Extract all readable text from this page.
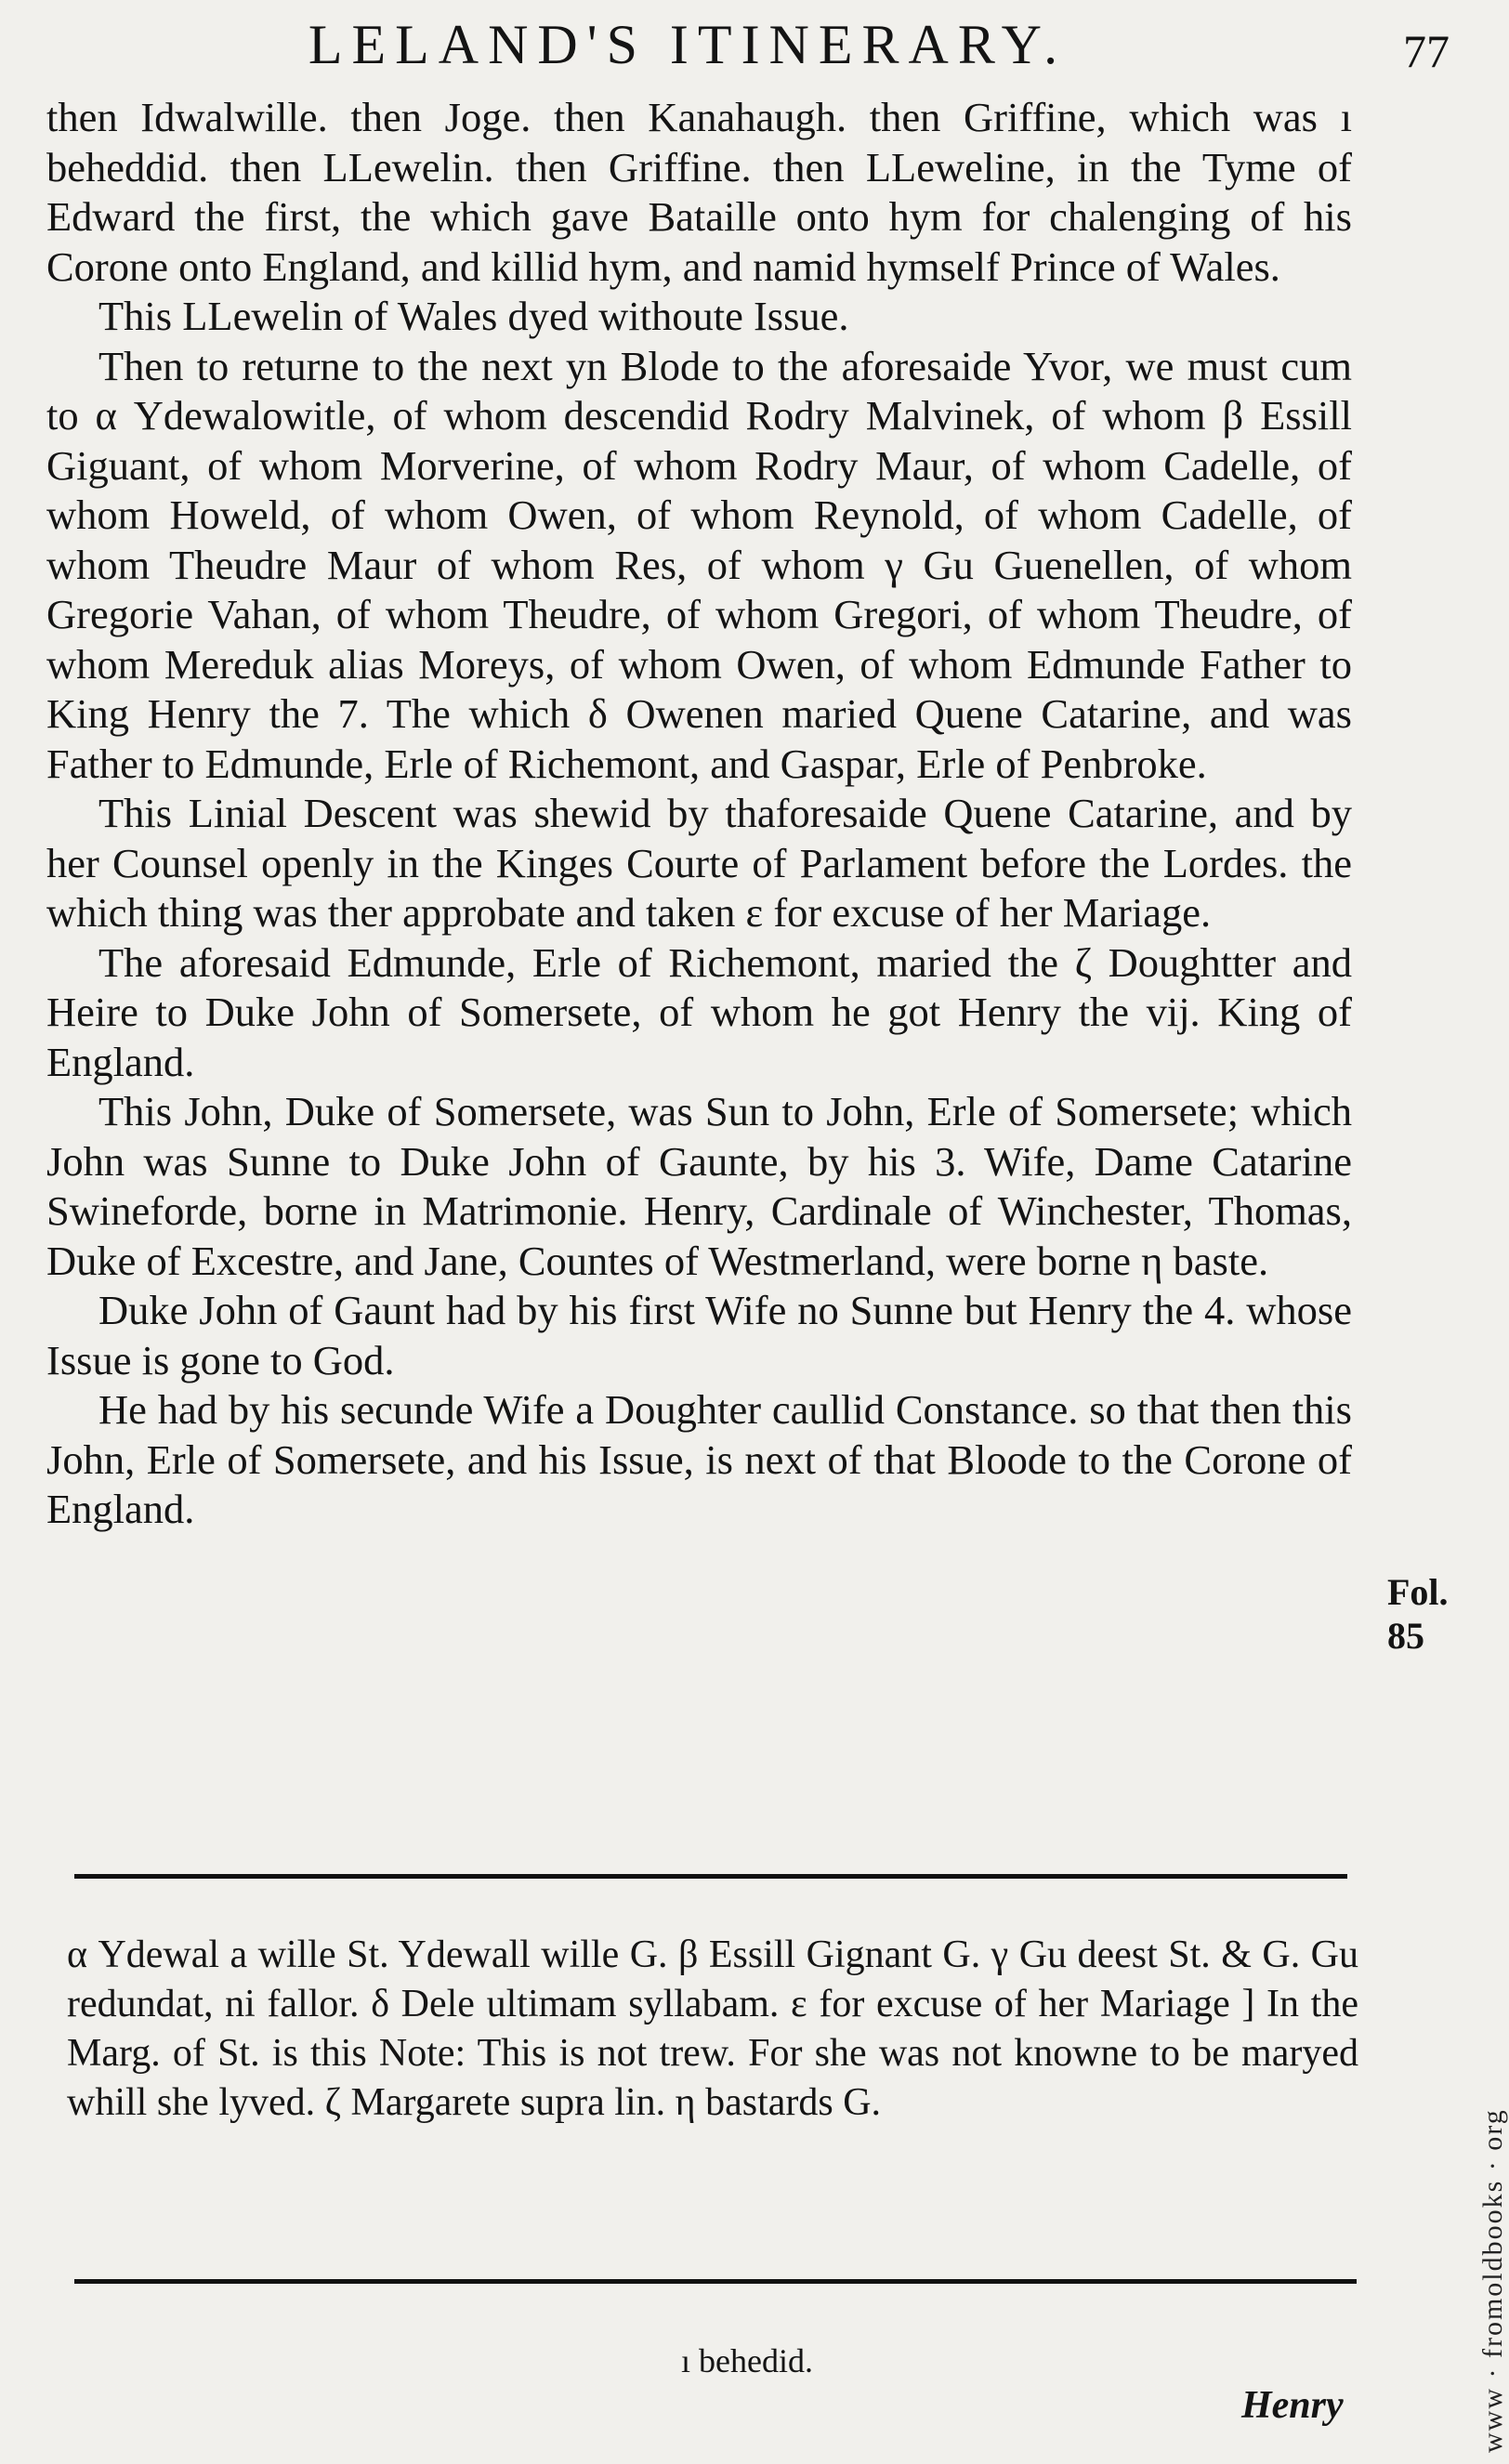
LELAND'S ITINERARY.	77

then Idwalwille. then Joge. then Kanahaugh. then Griffine, which was ı beheddid. then LLewelin. then Griffine. then LLeweline, in the Tyme of Edward the first, the which gave Bataille onto hym for chalenging of his Corone onto England, and killid hym, and namid hymself Prince of Wales.

This LLewelin of Wales dyed withoute Issue.

Then to returne to the next yn Blode to the aforesaide Yvor, we must cum to α Ydewalowitle, of whom descendid Rodry Malvinek, of whom β Essill Giguant, of whom Morverine, of whom Rodry Maur, of whom Cadelle, of whom Howeld, of whom Owen, of whom Reynold, of whom Cadelle, of whom Theudre Maur of whom Res, of whom γ Gu Guenellen, of whom Gregorie Vahan, of whom Theudre, of whom Gregori, of whom Theudre, of whom Mereduk alias Moreys, of whom Owen, of whom Edmunde Father to King Henry the 7. The which δ Owenen maried Quene Catarine, and was Father to Edmunde, Erle of Richemont, and Gaspar, Erle of Penbroke.

This Linial Descent was shewid by thaforesaide Quene Catarine, and by her Counsel openly in the Kinges Courte of Parlament before the Lordes. the which thing was ther approbate and taken ε for excuse of her Mariage.

The aforesaid Edmunde, Erle of Richemont, maried the ζ Doughtter and Heire to Duke John of Somersete, of whom he got Henry the vij. King of England.

This John, Duke of Somersete, was Sun to John, Erle of Somersete; which John was Sunne to Duke John of Gaunte, by his 3. Wife, Dame Catarine Swineforde, borne in Matrimonie. Henry, Cardinale of Winchester, Thomas, Duke of Excestre, and Jane, Countes of Westmerland, were borne η baste.

Duke John of Gaunt had by his first Wife no Sunne but Henry the 4. whose Issue is gone to God.

He had by his secunde Wife a Doughter caullid Constance. so that then this John, Erle of Somersete, and his Issue, is next of that Bloode to the Corone of England.

Fol. 85
α Ydewal a wille St. Ydewall wille G. β Essill Gignant G. γ Gu deest St. & G. Gu redundat, ni fallor. δ Dele ultimam syllabam. ε for excuse of her Mariage ] In the Marg. of St. is this Note: This is not trew. For she was not knowne to be maryed whill she lyved. ζ Margarete supra lin. η bastards G.
ı behedid.
Henry	www · fromoldbooks · org
